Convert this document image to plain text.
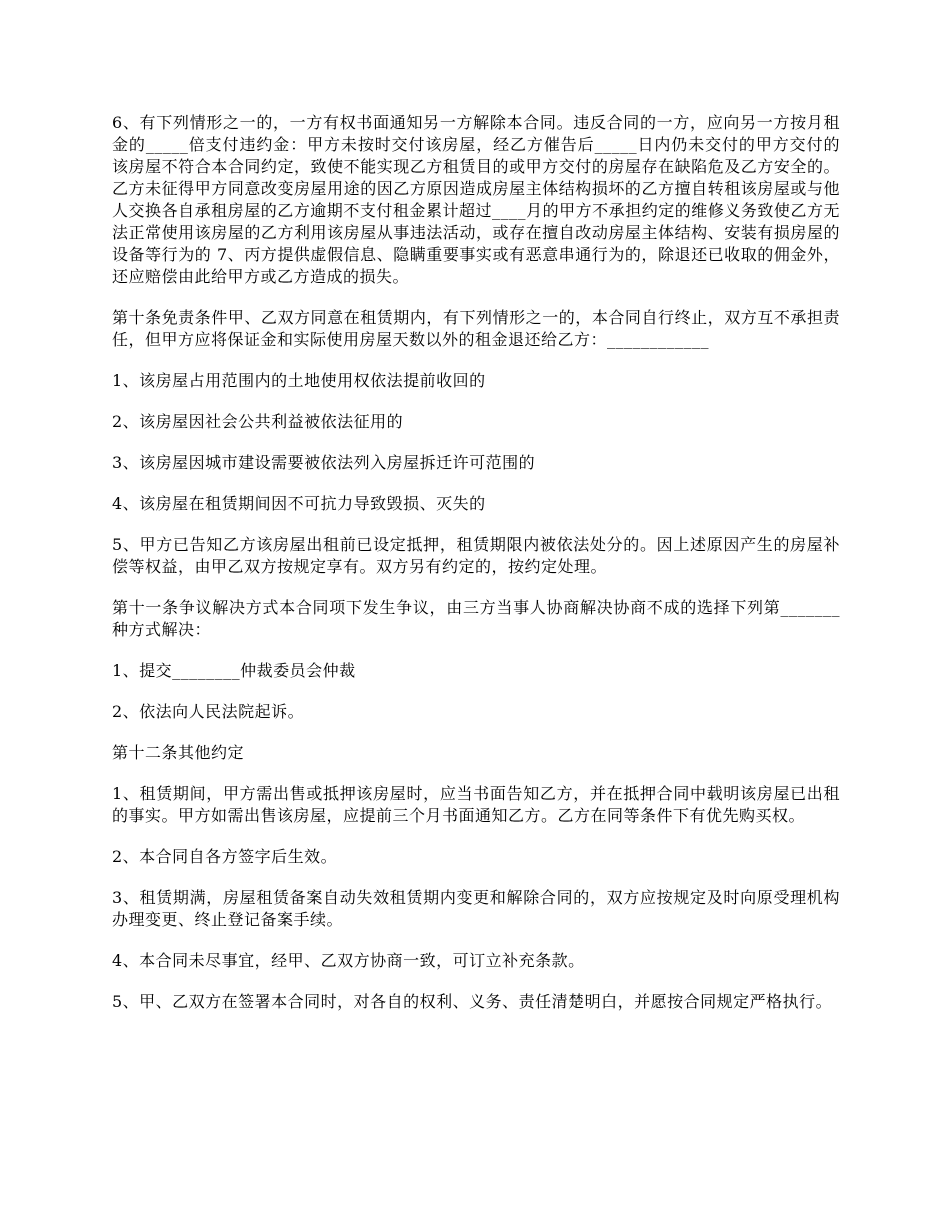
6、有下列情形之一的，一方有权书面通知另一方解除本合同。违反合同的一方，应向另一方按月租金的_____倍支付违约金：甲方未按时交付该房屋，经乙方催告后_____日内仍未交付的甲方交付的该房屋不符合本合同约定，致使不能实现乙方租赁目的或甲方交付的房屋存在缺陷危及乙方安全的。乙方未征得甲方同意改变房屋用途的因乙方原因造成房屋主体结构损坏的乙方擅自转租该房屋或与他人交换各自承租房屋的乙方逾期不支付租金累计超过____月的甲方不承担约定的维修义务致使乙方无法正常使用该房屋的乙方利用该房屋从事违法活动，或存在擅自改动房屋主体结构、安装有损房屋的设备等行为的 7、丙方提供虚假信息、隐瞒重要事实或有恶意串通行为的，除退还已收取的佣金外，还应赔偿由此给甲方或乙方造成的损失。

第十条免责条件甲、乙双方同意在租赁期内，有下列情形之一的，本合同自行终止，双方互不承担责任，但甲方应将保证金和实际使用房屋天数以外的租金退还给乙方：____________

1、该房屋占用范围内的土地使用权依法提前收回的

2、该房屋因社会公共利益被依法征用的

3、该房屋因城市建设需要被依法列入房屋拆迁许可范围的

4、该房屋在租赁期间因不可抗力导致毁损、灭失的

5、甲方已告知乙方该房屋出租前已设定抵押，租赁期限内被依法处分的。因上述原因产生的房屋补偿等权益，由甲乙双方按规定享有。双方另有约定的，按约定处理。

第十一条争议解决方式本合同项下发生争议，由三方当事人协商解决协商不成的选择下列第_______种方式解决：

1、提交________仲裁委员会仲裁

2、依法向人民法院起诉。

第十二条其他约定

1、租赁期间，甲方需出售或抵押该房屋时，应当书面告知乙方，并在抵押合同中载明该房屋已出租的事实。甲方如需出售该房屋，应提前三个月书面通知乙方。乙方在同等条件下有优先购买权。

2、本合同自各方签字后生效。

3、租赁期满，房屋租赁备案自动失效租赁期内变更和解除合同的，双方应按规定及时向原受理机构办理变更、终止登记备案手续。

4、本合同未尽事宜，经甲、乙双方协商一致，可订立补充条款。

5、甲、乙双方在签署本合同时，对各自的权利、义务、责任清楚明白，并愿按合同规定严格执行。
